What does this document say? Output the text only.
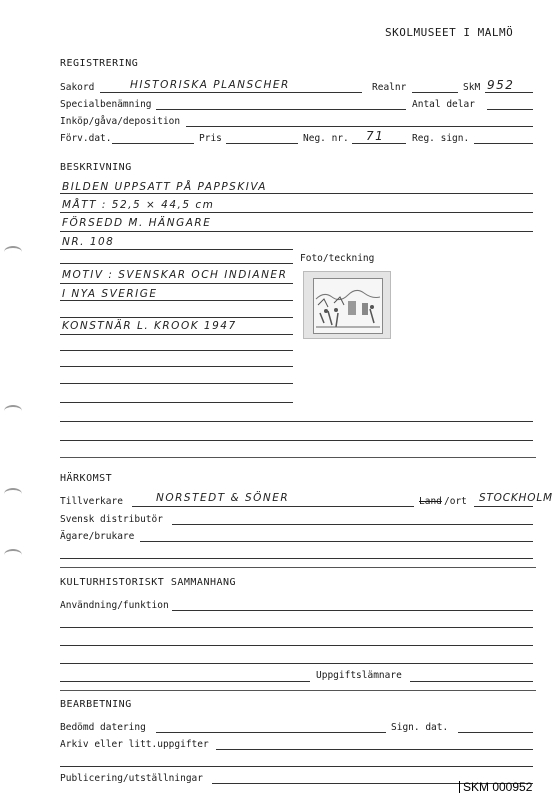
SKOLMUSEET I MALMÖ
REGISTRERING
Sakord	HISTORISKA PLANSCHER	Realnr	SkM 952
Specialbenämning	Antal delar
Inköp/gåva/deposition
Förv.dat.	Pris	Neg. nr. 71	Reg. sign.
BESKRIVNING
BILDEN UPPSATT PÅ PAPPSKIVA
MÅTT : 52,5 × 44,5 cm
FÖRSEDD M. HÄNGARE
NR. 108
Foto/teckning
MOTIV : SVENSKAR OCH INDIANER
I NYA SVERIGE
KONSTNÄR L. KROOK 1947
HÄRKOMST
Tillverkare	NORSTEDT & SÖNER	Land /ort STOCKHOLM
Svensk distributör
Ägare/brukare
KULTURHISTORISKT SAMMANHANG
Användning/funktion
Uppgiftslämnare
BEARBETNING
Bedömd datering	Sign. dat.
Arkiv eller litt.uppgifter
Publicering/utställningar
SKM 000952
